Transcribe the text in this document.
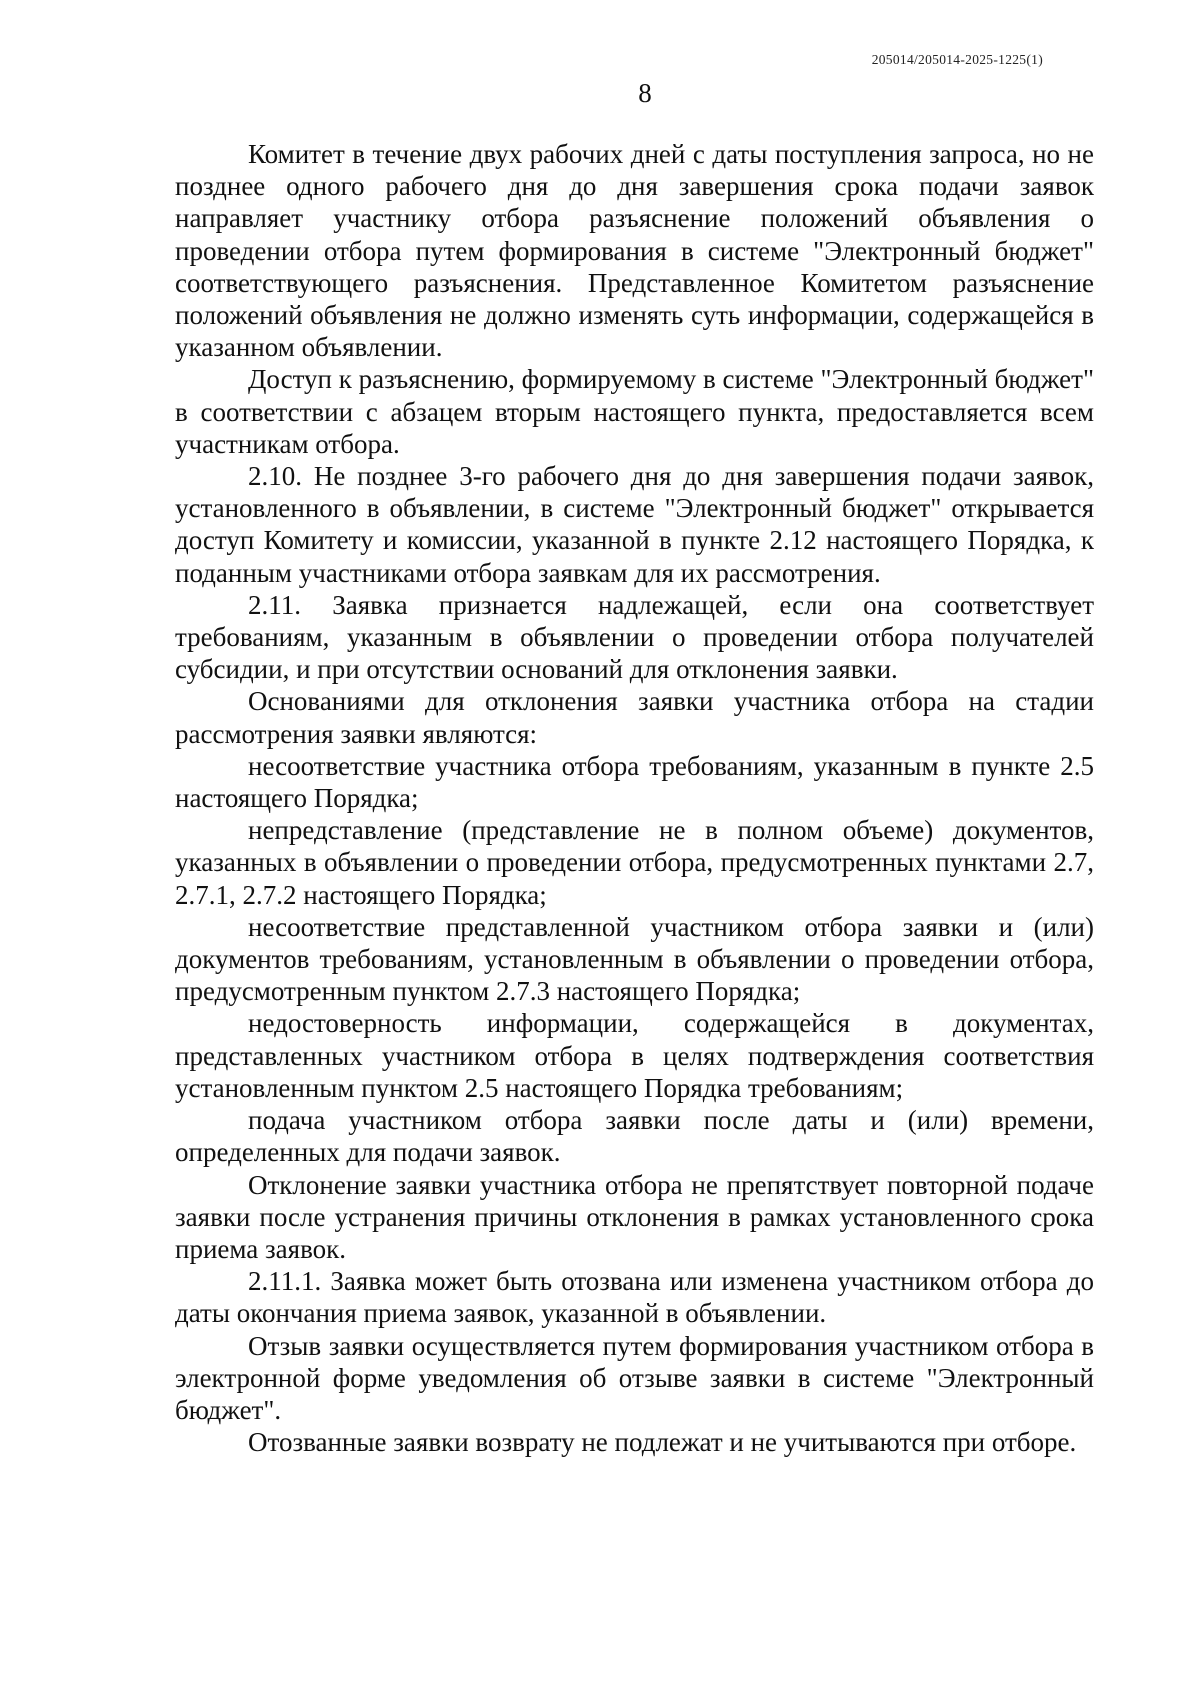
205014/205014-2025-1225(1)
8

Комитет в течение двух рабочих дней с даты поступления запроса, но не позднее одного рабочего дня до дня завершения срока подачи заявок направляет участнику отбора разъяснение положений объявления о проведении отбора путем формирования в системе "Электронный бюджет" соответствующего разъяснения. Представленное Комитетом разъяснение положений объявления не должно изменять суть информации, содержащейся в указанном объявлении.

Доступ к разъяснению, формируемому в системе "Электронный бюджет" в соответствии с абзацем вторым настоящего пункта, предоставляется всем участникам отбора.

2.10. Не позднее 3-го рабочего дня до дня завершения подачи заявок, установленного в объявлении, в системе "Электронный бюджет" открывается доступ Комитету и комиссии, указанной в пункте 2.12 настоящего Порядка, к поданным участниками отбора заявкам для их рассмотрения.

2.11. Заявка признается надлежащей, если она соответствует требованиям, указанным в объявлении о проведении отбора получателей субсидии, и при отсутствии оснований для отклонения заявки.

Основаниями для отклонения заявки участника отбора на стадии рассмотрения заявки являются:

несоответствие участника отбора требованиям, указанным в пункте 2.5 настоящего Порядка;

непредставление (представление не в полном объеме) документов, указанных в объявлении о проведении отбора, предусмотренных пунктами 2.7, 2.7.1, 2.7.2 настоящего Порядка;

несоответствие представленной участником отбора заявки и (или) документов требованиям, установленным в объявлении о проведении отбора, предусмотренным пунктом 2.7.3 настоящего Порядка;

недостоверность информации, содержащейся в документах, представленных участником отбора в целях подтверждения соответствия установленным пунктом 2.5 настоящего Порядка требованиям;

подача участником отбора заявки после даты и (или) времени, определенных для подачи заявок.

Отклонение заявки участника отбора не препятствует повторной подаче заявки после устранения причины отклонения в рамках установленного срока приема заявок.

2.11.1. Заявка может быть отозвана или изменена участником отбора до даты окончания приема заявок, указанной в объявлении.

Отзыв заявки осуществляется путем формирования участником отбора в электронной форме уведомления об отзыве заявки в системе "Электронный бюджет".

Отозванные заявки возврату не подлежат и не учитываются при отборе.
